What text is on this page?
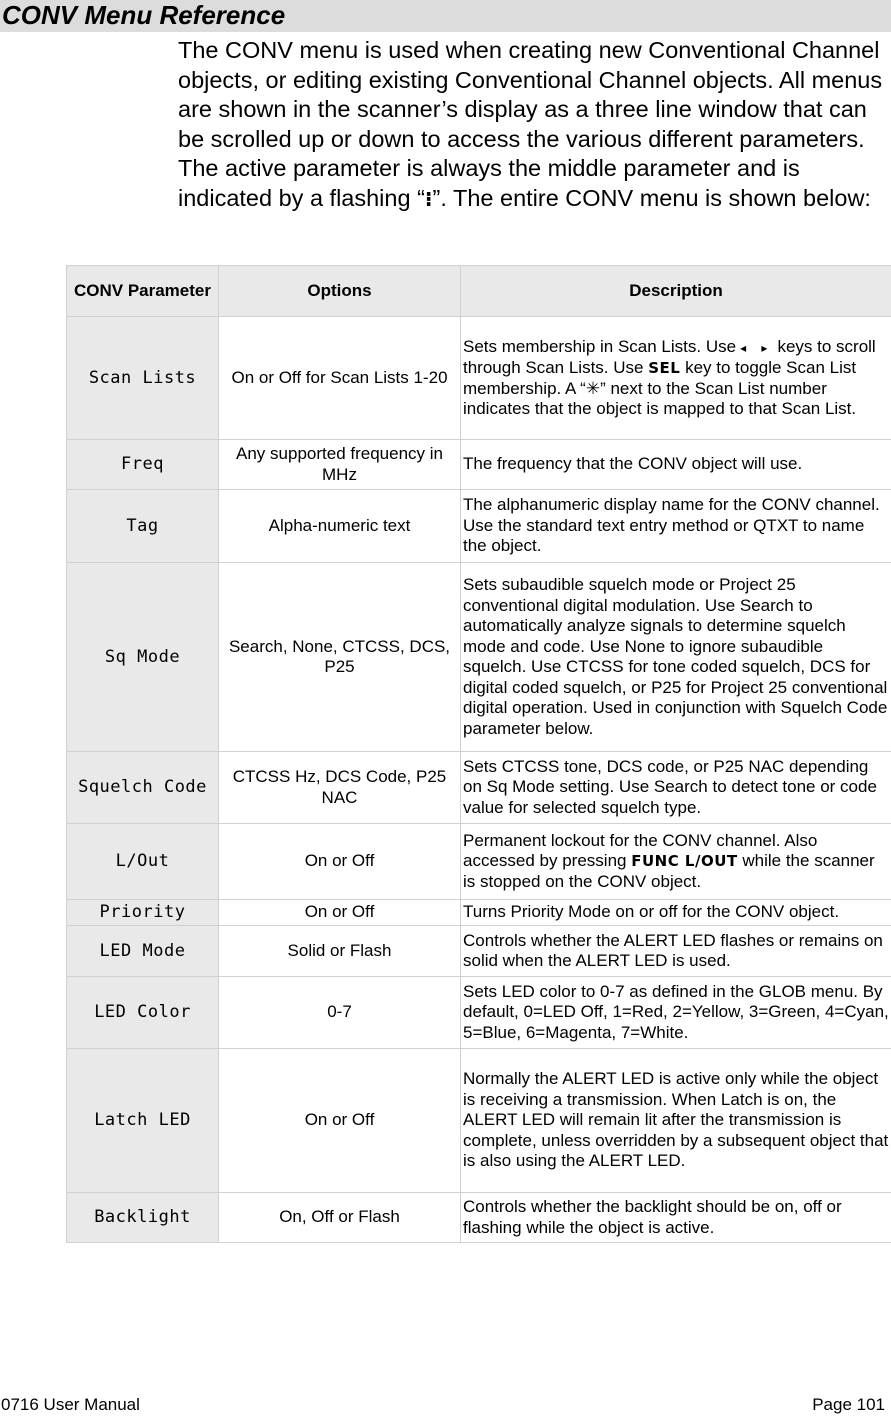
CONV Menu Reference

The CONV menu is used when creating new Conventional Channel objects, or editing existing Conventional Channel objects. All menus are shown in the scanner’s display as a three line window that can be scrolled up or down to access the various different parameters. The active parameter is always the middle parameter and is indicated by a flashing “⁝”. The entire CONV menu is shown below:

CONV Parameter	Options	Description
Scan Lists	On or Off for Scan Lists 1-20	Sets membership in Scan Lists. Use ◂ ▸ keys to scroll through Scan Lists. Use SEL key to toggle Scan List membership. A “✳” next to the Scan List number indicates that the object is mapped to that Scan List.
Freq	Any supported frequency in MHz	The frequency that the CONV object will use.
Tag	Alpha-numeric text	The alphanumeric display name for the CONV channel. Use the standard text entry method or QTXT to name the object.
Sq Mode	Search, None, CTCSS, DCS, P25	Sets subaudible squelch mode or Project 25 conventional digital modulation. Use Search to automatically analyze signals to determine squelch mode and code. Use None to ignore subaudible squelch. Use CTCSS for tone coded squelch, DCS for digital coded squelch, or P25 for Project 25 conventional digital operation. Used in conjunction with Squelch Code parameter below.
Squelch Code	CTCSS Hz, DCS Code, P25 NAC	Sets CTCSS tone, DCS code, or P25 NAC depending on Sq Mode setting. Use Search to detect tone or code value for selected squelch type.
L/Out	On or Off	Permanent lockout for the CONV channel. Also accessed by pressing FUNC L/OUT while the scanner is stopped on the CONV object.
Priority	On or Off	Turns Priority Mode on or off for the CONV object.
LED Mode	Solid or Flash	Controls whether the ALERT LED flashes or remains on solid when the ALERT LED is used.
LED Color	0-7	Sets LED color to 0-7 as defined in the GLOB menu. By default, 0=LED Off, 1=Red, 2=Yellow, 3=Green, 4=Cyan, 5=Blue, 6=Magenta, 7=White.
Latch LED	On or Off	Normally the ALERT LED is active only while the object is receiving a transmission. When Latch is on, the ALERT LED will remain lit after the transmission is complete, unless overridden by a subsequent object that is also using the ALERT LED.
Backlight	On, Off or Flash	Controls whether the backlight should be on, off or flashing while the object is active.
0716 User Manual	Page 101
